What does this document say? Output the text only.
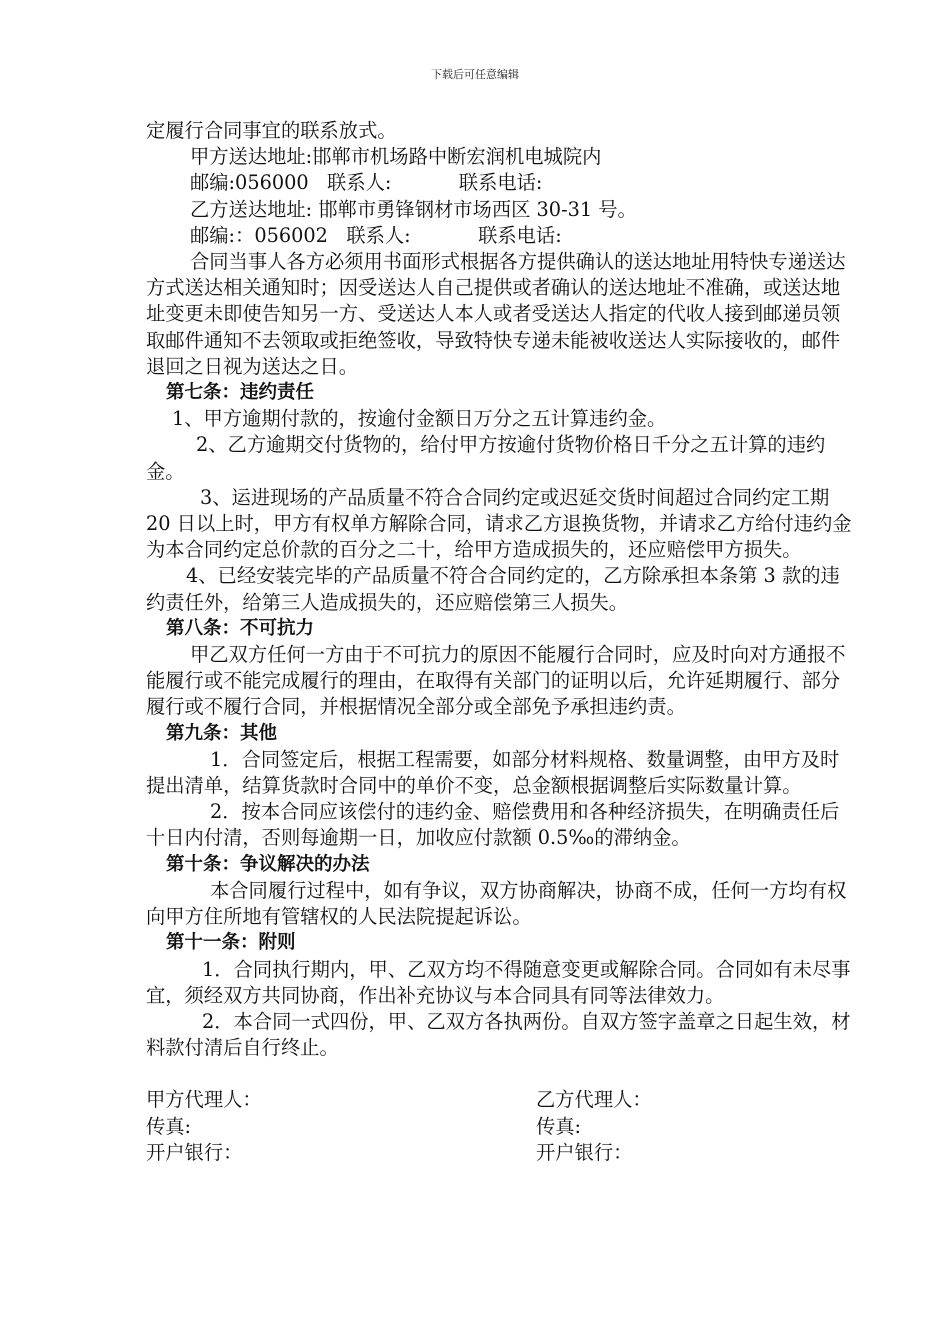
下载后可任意编辑

定履行合同事宜的联系放式。

甲方送达地址:邯郸市机场路中断宏润机电城院内

邮编:056000   联系人:           联系电话:

乙方送达地址: 邯郸市勇锋钢材市场西区 30-31 号。

邮编:：056002   联系人:           联系电话:

合同当事人各方必须用书面形式根据各方提供确认的送达地址用特快专递送达方式送达相关通知时；因受送达人自己提供或者确认的送达地址不准确，或送达地址变更未即使告知另一方、受送达人本人或者受送达人指定的代收人接到邮递员领取邮件通知不去领取或拒绝签收，导致特快专递未能被收送达人实际接收的，邮件退回之日视为送达之日。

第七条：违约责任

1、甲方逾期付款的，按逾付金额日万分之五计算违约金。

2、乙方逾期交付货物的，给付甲方按逾付货物价格日千分之五计算的违约金。

3、运进现场的产品质量不符合合同约定或迟延交货时间超过合同约定工期 20 日以上时，甲方有权单方解除合同，请求乙方退换货物，并请求乙方给付违约金为本合同约定总价款的百分之二十，给甲方造成损失的，还应赔偿甲方损失。

4、已经安装完毕的产品质量不符合合同约定的，乙方除承担本条第 3 款的违约责任外，给第三人造成损失的，还应赔偿第三人损失。

第八条：不可抗力

甲乙双方任何一方由于不可抗力的原因不能履行合同时，应及时向对方通报不能履行或不能完成履行的理由，在取得有关部门的证明以后，允许延期履行、部分履行或不履行合同，并根据情况全部分或全部免予承担违约责。

第九条：其他

1．合同签定后，根据工程需要，如部分材料规格、数量调整，由甲方及时提出清单，结算货款时合同中的单价不变，总金额根据调整后实际数量计算。

2．按本合同应该偿付的违约金、赔偿费用和各种经济损失，在明确责任后十日内付清，否则每逾期一日，加收应付款额 0.5‰的滞纳金。

第十条：争议解决的办法

本合同履行过程中，如有争议，双方协商解决，协商不成，任何一方均有权向甲方住所地有管辖权的人民法院提起诉讼。

第十一条：附则

1．合同执行期内，甲、乙双方均不得随意变更或解除合同。合同如有未尽事宜，须经双方共同协商，作出补充协议与本合同具有同等法律效力。

2．本合同一式四份，甲、乙双方各执两份。自双方签字盖章之日起生效，材料款付清后自行终止。

甲方代理人：	乙方代理人：
传真:	传真:
开户银行：	开户银行：
